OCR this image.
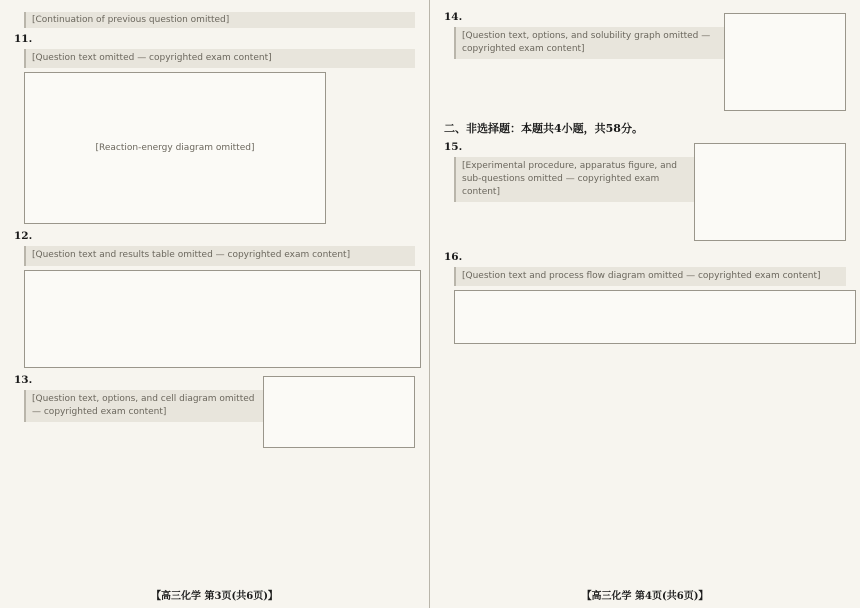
[Continuation of previous question omitted]
11.
[Question text omitted — copyrighted exam content]
[Reaction-energy diagram omitted]
12.
[Question text and results table omitted — copyrighted exam content]
13.
[Question text, options, and cell diagram omitted — copyrighted exam content]
【高三化学 第3页(共6页)】
14.
[Question text, options, and solubility graph omitted — copyrighted exam content]
二、非选择题：本题共4小题，共58分。
15.
[Experimental procedure, apparatus figure, and sub-questions omitted — copyrighted exam content]
16.
[Question text and process flow diagram omitted — copyrighted exam content]
【高三化学 第4页(共6页)】
